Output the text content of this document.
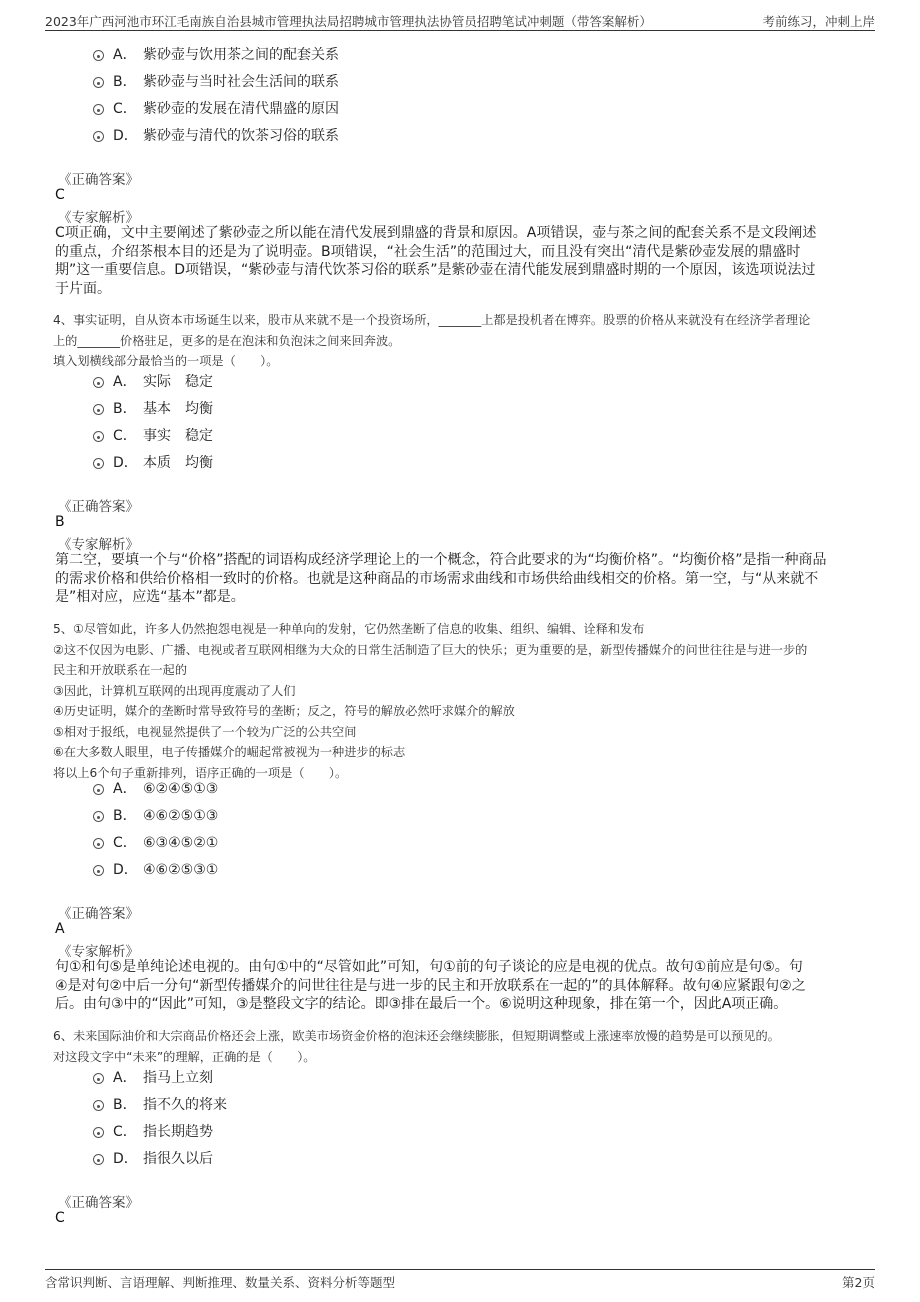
2023年广西河池市环江毛南族自治县城市管理执法局招聘城市管理执法协管员招聘笔试冲刺题（带答案解析）	考前练习，冲刺上岸
A． 紫砂壶与饮用茶之间的配套关系
B． 紫砂壶与当时社会生活间的联系
C． 紫砂壶的发展在清代鼎盛的原因
D． 紫砂壶与清代的饮茶习俗的联系
《正确答案》
C
《专家解析》
C项正确，文中主要阐述了紫砂壶之所以能在清代发展到鼎盛的背景和原因。A项错误，壶与茶之间的配套关系不是文段阐述
的重点，介绍茶根本目的还是为了说明壶。B项错误，“社会生活”的范围过大，而且没有突出“清代是紫砂壶发展的鼎盛时
期”这一重要信息。D项错误，“紫砂壶与清代饮茶习俗的联系”是紫砂壶在清代能发展到鼎盛时期的一个原因，该选项说法过
于片面。
4、事实证明，自从资本市场诞生以来，股市从来就不是一个投资场所，_______上都是投机者在博弈。股票的价格从来就没有在经济学者理论
上的_______价格驻足，更多的是在泡沫和负泡沫之间来回奔波。
填入划横线部分最恰当的一项是（　　）。
A． 实际　稳定
B． 基本　均衡
C． 事实　稳定
D． 本质　均衡
《正确答案》
B
《专家解析》
第二空，要填一个与“价格”搭配的词语构成经济学理论上的一个概念，符合此要求的为“均衡价格”。“均衡价格”是指一种商品
的需求价格和供给价格相一致时的价格。也就是这种商品的市场需求曲线和市场供给曲线相交的价格。第一空，与“从来就不
是”相对应，应选“基本”都是。
5、①尽管如此，许多人仍然抱怨电视是一种单向的发射，它仍然垄断了信息的收集、组织、编辑、诠释和发布
②这不仅因为电影、广播、电视或者互联网相继为大众的日常生活制造了巨大的快乐；更为重要的是，新型传播媒介的问世往往是与进一步的
民主和开放联系在一起的
③因此，计算机互联网的出现再度震动了人们
④历史证明，媒介的垄断时常导致符号的垄断；反之，符号的解放必然吁求媒介的解放
⑤相对于报纸，电视显然提供了一个较为广泛的公共空间
⑥在大多数人眼里，电子传播媒介的崛起常被视为一种进步的标志
将以上6个句子重新排列，语序正确的一项是（　　）。
A． ⑥②④⑤①③
B． ④⑥②⑤①③
C． ⑥③④⑤②①
D． ④⑥②⑤③①
《正确答案》
A
《专家解析》
句①和句⑤是单纯论述电视的。由句①中的“尽管如此”可知，句①前的句子谈论的应是电视的优点。故句①前应是句⑤。句
④是对句②中后一分句“新型传播媒介的问世往往是与进一步的民主和开放联系在一起的”的具体解释。故句④应紧跟句②之
后。由句③中的“因此”可知，③是整段文字的结论。即③排在最后一个。⑥说明这种现象，排在第一个，因此A项正确。
6、未来国际油价和大宗商品价格还会上涨，欧美市场资金价格的泡沫还会继续膨胀，但短期调整或上涨速率放慢的趋势是可以预见的。
对这段文字中“未来”的理解，正确的是（　　）。
A． 指马上立刻
B． 指不久的将来
C． 指长期趋势
D． 指很久以后
《正确答案》
C
含常识判断、言语理解、判断推理、数量关系、资料分析等题型	第2页
